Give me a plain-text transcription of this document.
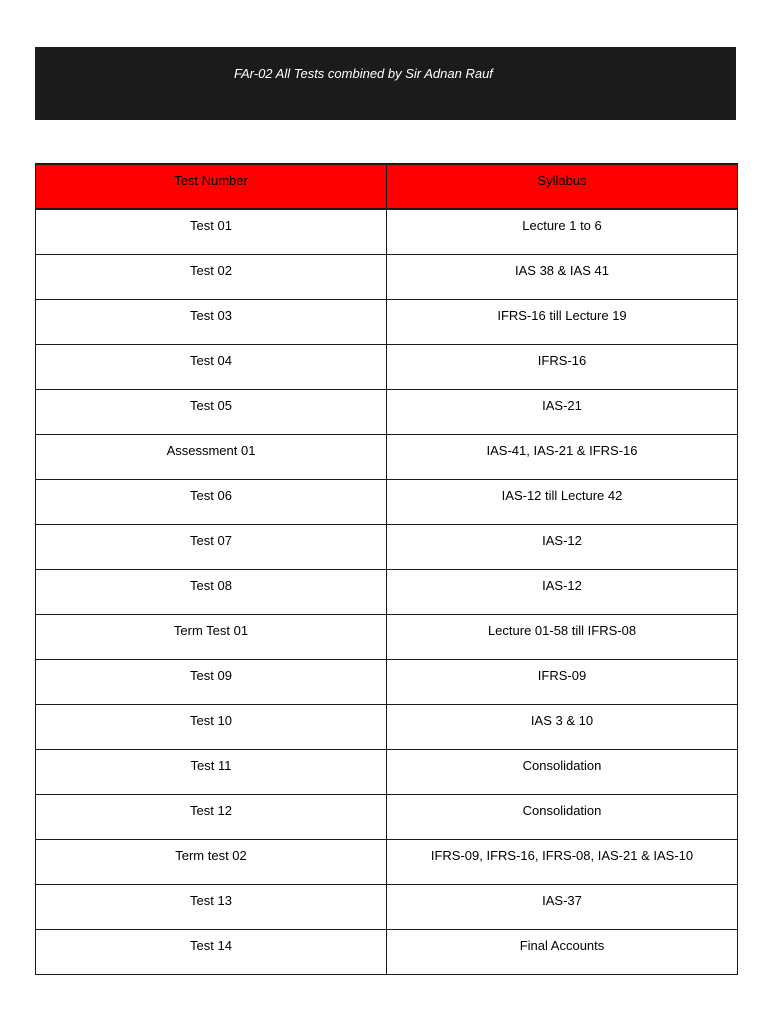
FAr-02 All Tests combined by Sir Adnan Rauf
Test Number	Syllabus
Test 01	Lecture 1 to 6
Test 02	IAS 38 & IAS 41
Test 03	IFRS-16 till Lecture 19
Test 04	IFRS-16
Test 05	IAS-21
Assessment 01	IAS-41, IAS-21 & IFRS-16
Test 06	IAS-12 till Lecture 42
Test 07	IAS-12
Test 08	IAS-12
Term Test 01	Lecture 01-58 till IFRS-08
Test 09	IFRS-09
Test 10	IAS 3 & 10
Test 11	Consolidation
Test 12	Consolidation
Term test 02	IFRS-09, IFRS-16, IFRS-08, IAS-21 & IAS-10
Test 13	IAS-37
Test 14	Final Accounts
